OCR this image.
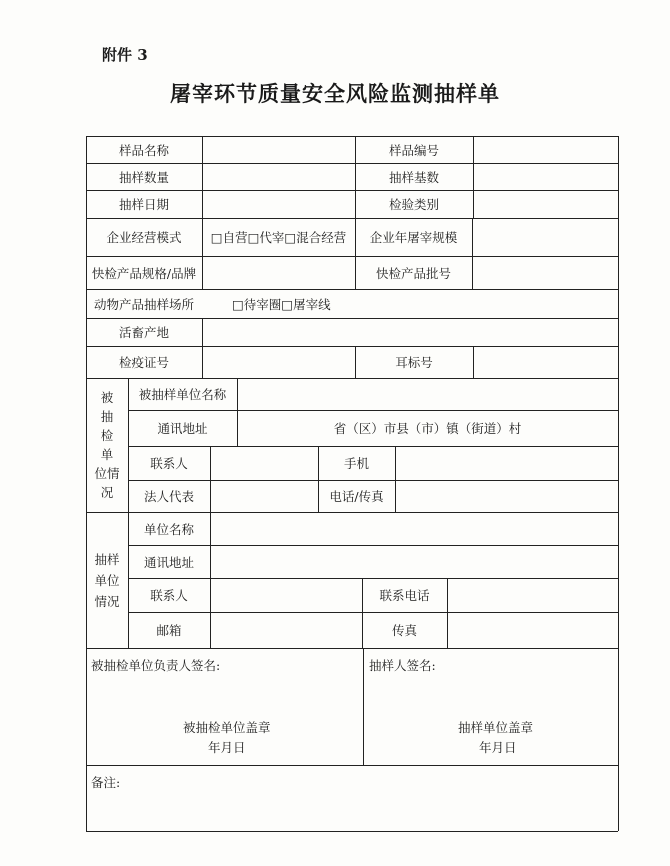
附件 3
屠宰环节质量安全风险监测抽样单
样品名称	样品编号
抽样数量	抽样基数
抽样日期	检验类别
企业经营模式	□自营□代宰□混合经营	企业年屠宰规模
快检产品规格/品牌	快检产品批号
动物产品抽样场所	□待宰圈□屠宰线
活畜产地
检疫证号	耳标号
被
抽
检
单
位 情
况
被抽样单位名称
通讯地址	省（区）市县（市）镇（街道）村
联系人	手机
法人代表	电话/传真
抽 样
单 位
情 况
单位名称
通讯地址
联系人	联系电话
邮箱	传真
被抽检单位负责人签名:	抽样人签名:
被抽检单位盖章
年月日
抽样单位盖章
年月日
备注:
